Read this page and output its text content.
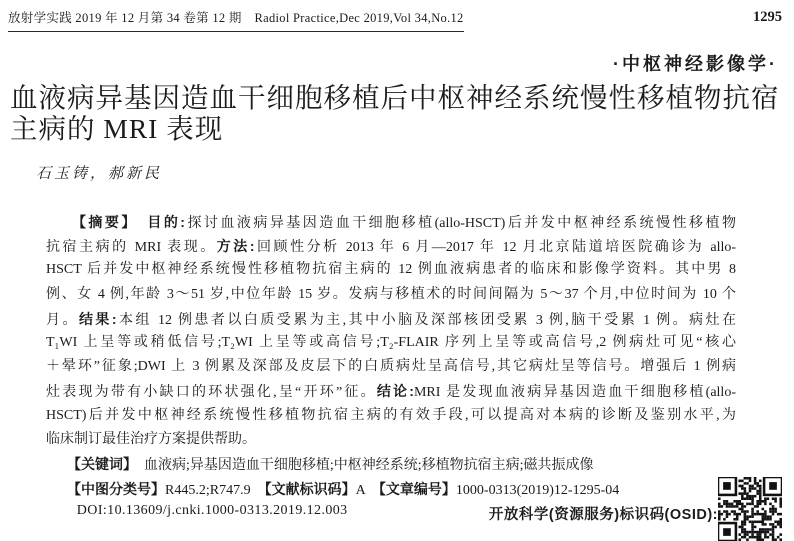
放射学实践 2019 年 12 月第 34 卷第 12 期　Radiol Practice,Dec 2019,Vol 34,No.12	1295
·中枢神经影像学·
血液病异基因造血干细胞移植后中枢神经系统慢性移植物抗宿
主病的 MRI 表现
石玉铸，郝新民
　　【摘要】　 目的:探讨血液病异基因造血干细胞移植(allo-HSCT)后并发中枢神经系统慢性移植物
抗宿主病的 MRI 表现。方法:回顾性分析 2013 年 6 月—2017 年 12 月北京陆道培医院确诊为 allo-
HSCT 后并发中枢神经系统慢性移植物抗宿主病的 12 例血液病患者的临床和影像学资料。其中男 8
例、女 4 例,年龄 3～51 岁,中位年龄 15 岁。发病与移植术的时间间隔为 5～37 个月,中位时间为 10 个
月。结果:本组 12 例患者以白质受累为主,其中小脑及深部核团受累 3 例,脑干受累 1 例。病灶在
T₁WI 上呈等或稍低信号;T₂WI 上呈等或高信号;T₂-FLAIR 序列上呈等或高信号,2 例病灶可见“核心
＋晕环”征象;DWI 上 3 例累及深部及皮层下的白质病灶呈高信号,其它病灶呈等信号。增强后 1 例病
灶表现为带有小缺口的环状强化,呈“开环”征。结论:MRI 是发现血液病异基因造血干细胞移植(allo-
HSCT)后并发中枢神经系统慢性移植物抗宿主病的有效手段,可以提高对本病的诊断及鉴别水平,为
临床制订最佳治疗方案提供帮助。
　　【关键词】　血液病;异基因造血干细胞移植;中枢神经系统;移植物抗宿主病;磁共振成像
　　【中图分类号】R445.2;R747.9　【文献标识码】A　【文章编号】1000-0313(2019)12-1295-04
DOI:10.13609/j.cnki.1000-0313.2019.12.003	开放科学(资源服务)标识码(OSID):
